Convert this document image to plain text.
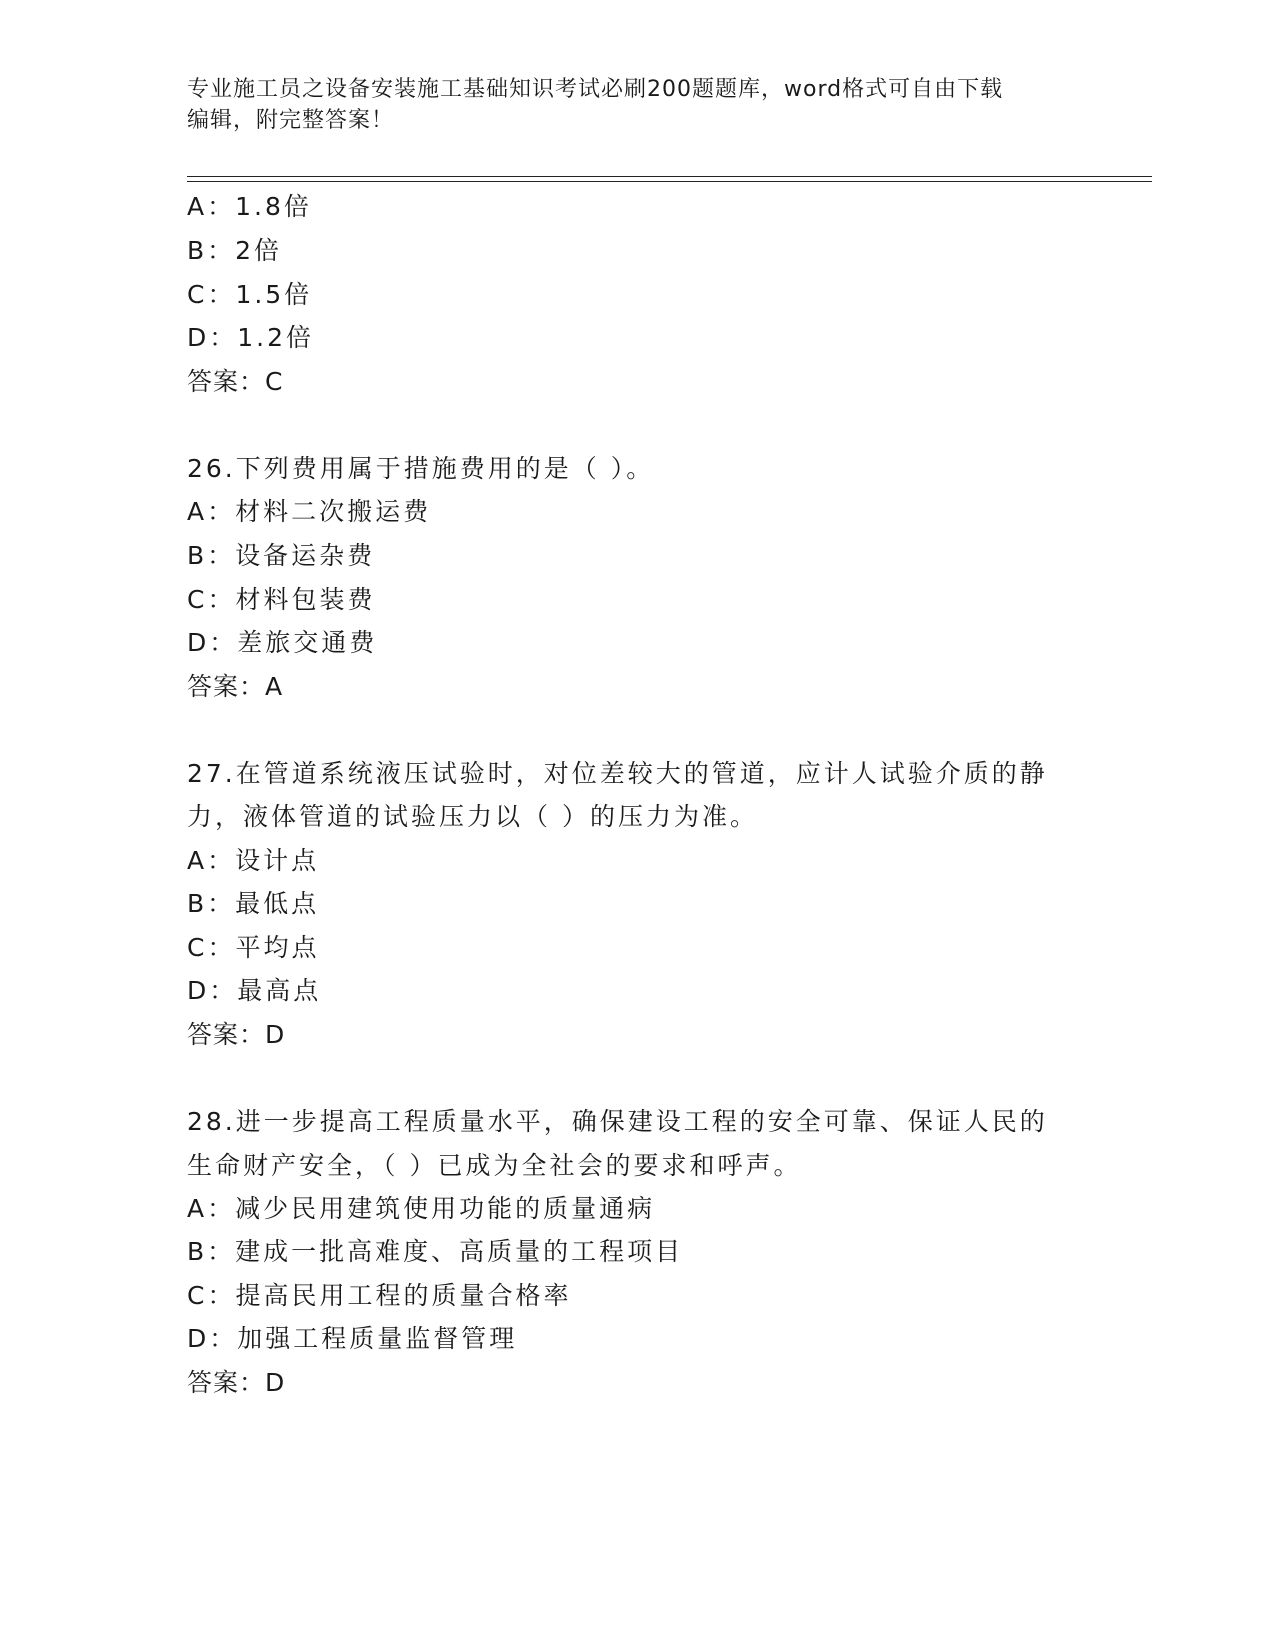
专业施工员之设备安装施工基础知识考试必刷200题题库，word格式可自由下载
编辑，附完整答案！
A：1.8倍
B：2倍
C：1.5倍
D：1.2倍
答案：C
26.下列费用属于措施费用的是（ ）。
A：材料二次搬运费
B：设备运杂费
C：材料包装费
D：差旅交通费
答案：A
27.在管道系统液压试验时，对位差较大的管道，应计人试验介质的静
力，液体管道的试验压力以（ ）的压力为准。
A：设计点
B：最低点
C：平均点
D：最高点
答案：D
28.进一步提高工程质量水平，确保建设工程的安全可靠、保证人民的
生命财产安全，（ ）已成为全社会的要求和呼声。
A：减少民用建筑使用功能的质量通病
B：建成一批高难度、高质量的工程项目
C：提高民用工程的质量合格率
D：加强工程质量监督管理
答案：D
